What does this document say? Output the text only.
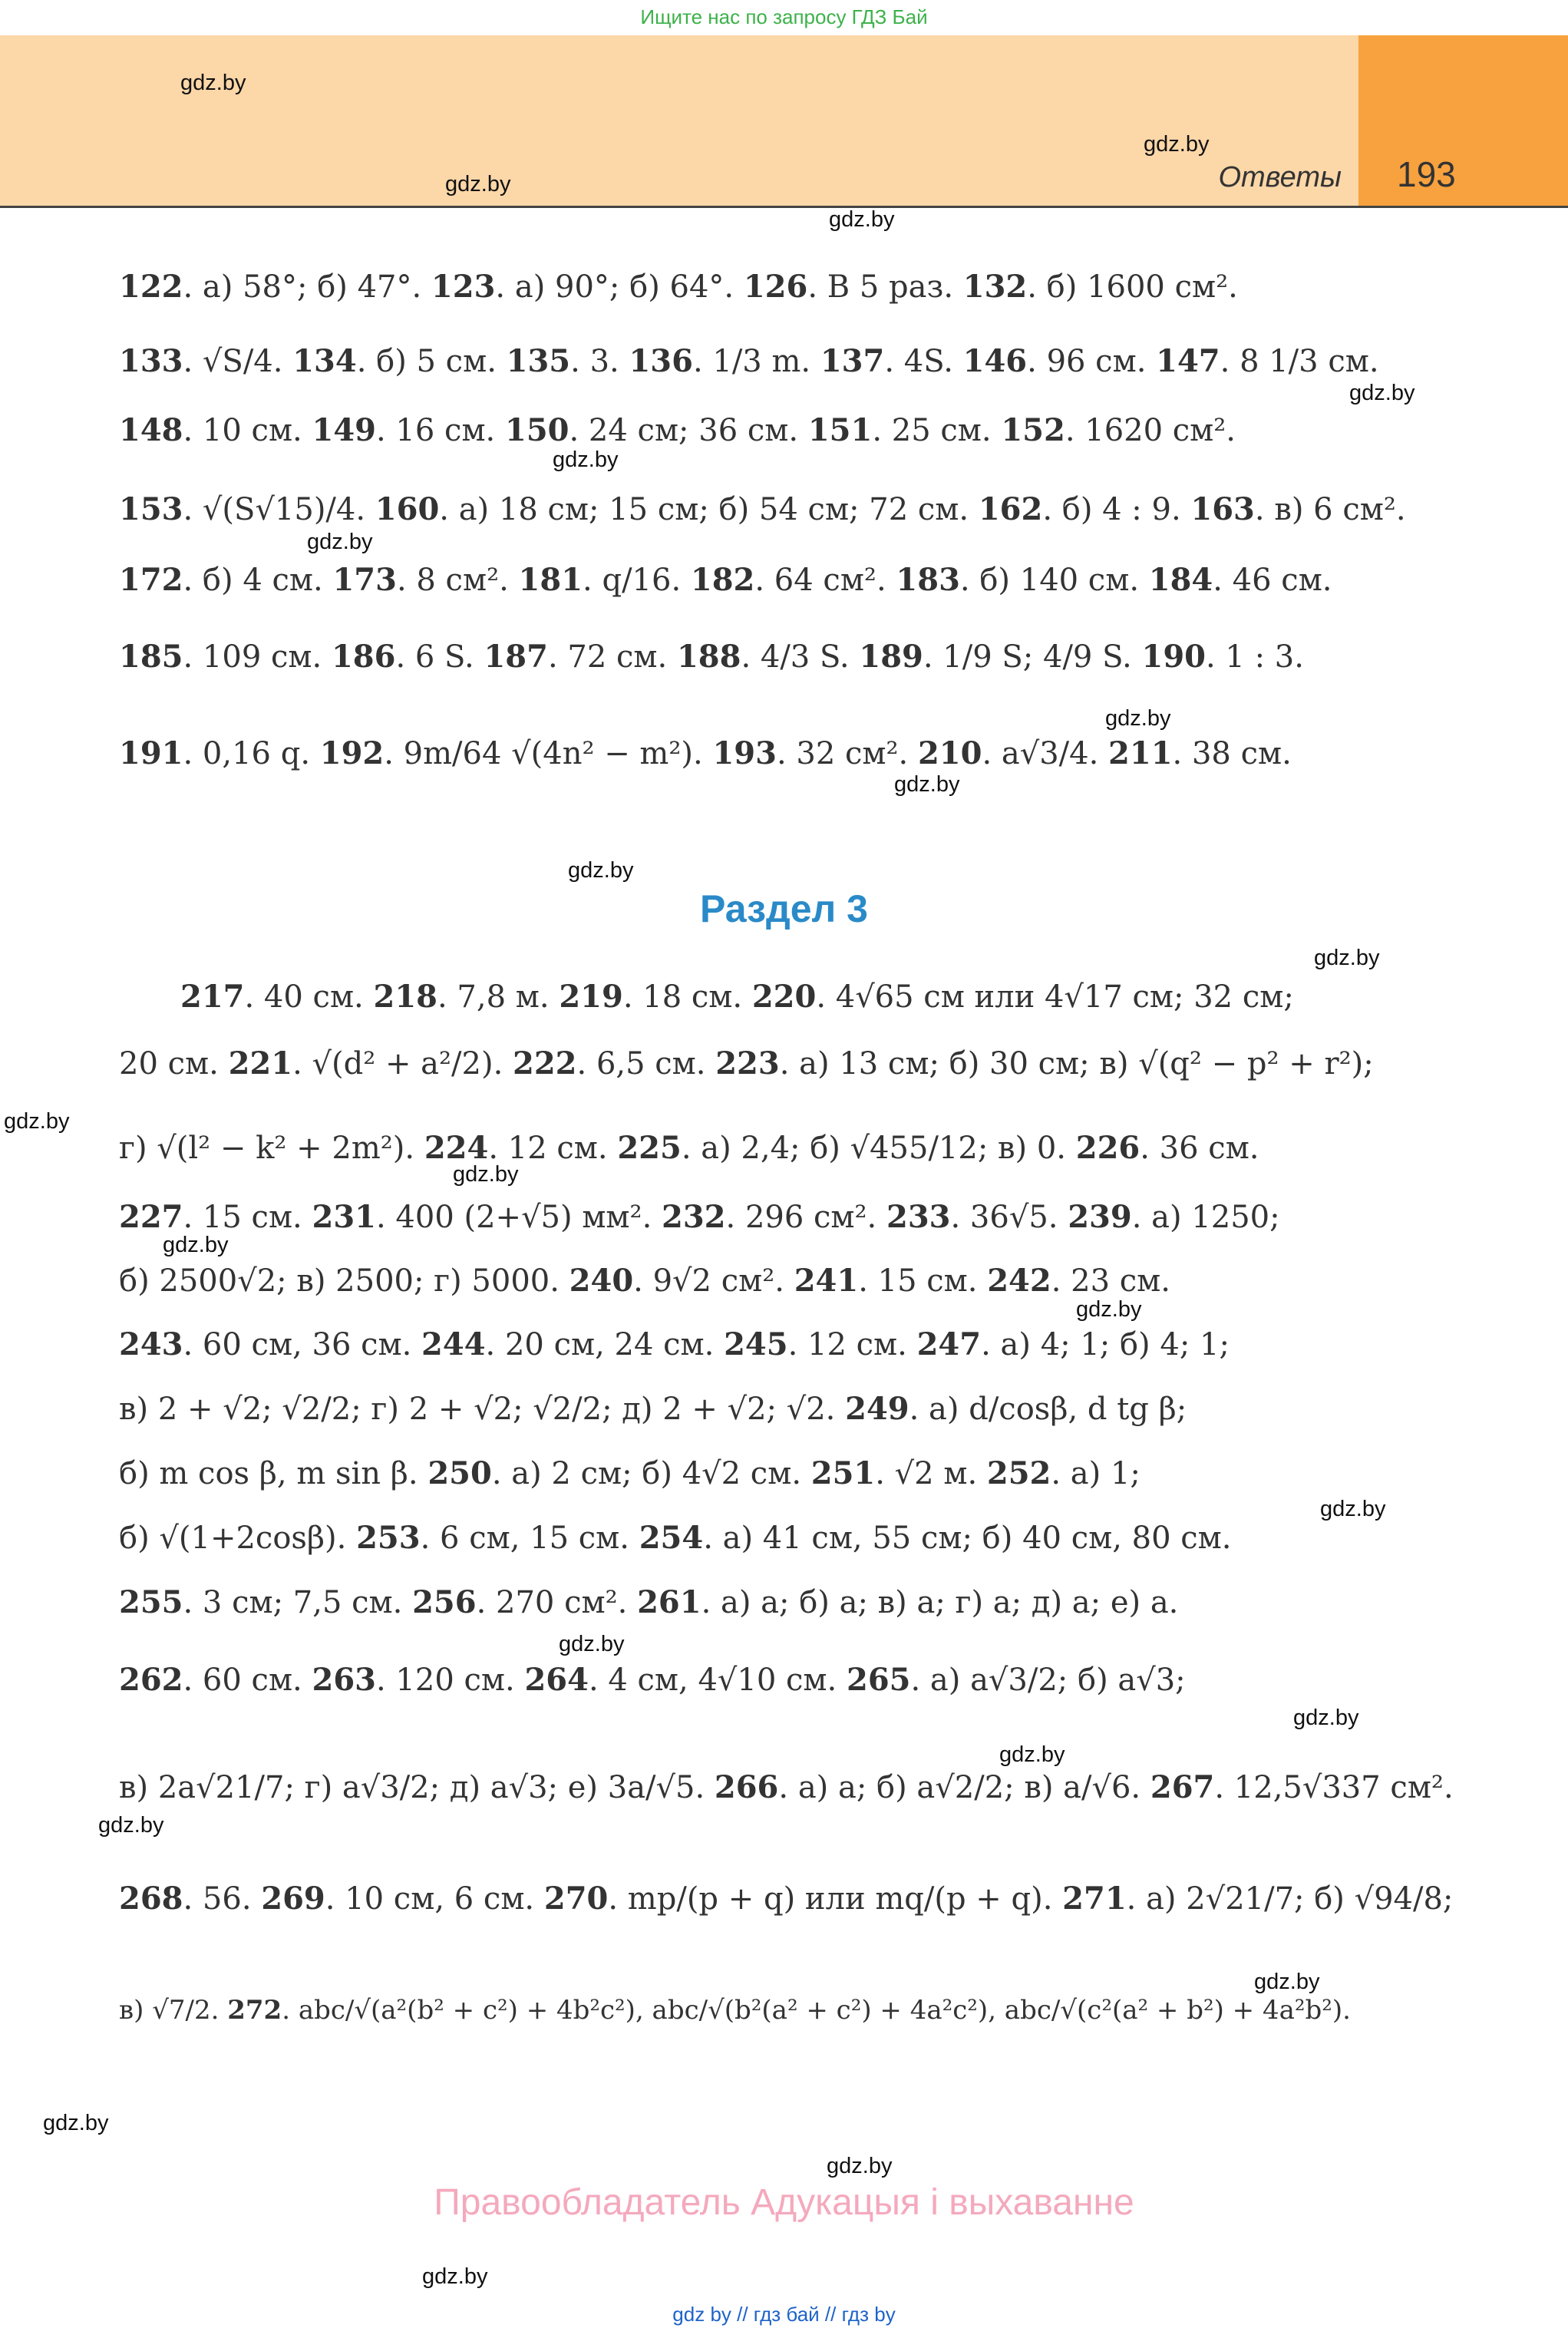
Ищите нас по запросу ГДЗ Бай
Ответы 193
gdz.by
gdz.by
gdz.by
gdz.by
gdz.by
gdz.by
gdz.by
gdz.by
gdz.by
gdz.by
gdz.by
gdz.by
gdz.by
gdz.by
gdz.by
gdz.by
gdz.by
gdz.by
gdz.by
gdz.by
gdz.by
gdz.by
gdz.by
gdz.by
122. а) 58°; б) 47°. 123. а) 90°; б) 64°. 126. В 5 раз. 132. б) 1600 см².
133. √S/4. 134. б) 5 см. 135. 3. 136. 1/3 m. 137. 4S. 146. 96 см. 147. 8 1/3 см.
148. 10 см. 149. 16 см. 150. 24 см; 36 см. 151. 25 см. 152. 1620 см².
153. √(S√15)/4. 160. а) 18 см; 15 см; б) 54 см; 72 см. 162. б) 4 : 9. 163. в) 6 см².
172. б) 4 см. 173. 8 см². 181. q/16. 182. 64 см². 183. б) 140 см. 184. 46 см.
185. 109 см. 186. 6 S. 187. 72 см. 188. 4/3 S. 189. 1/9 S; 4/9 S. 190. 1 : 3.
191. 0,16 q. 192. 9m/64 √(4n² − m²). 193. 32 см². 210. a√3/4. 211. 38 см.
Раздел 3
217. 40 см. 218. 7,8 м. 219. 18 см. 220. 4√65 см или 4√17 см; 32 см;
20 см. 221. √(d² + a²/2). 222. 6,5 см. 223. а) 13 см; б) 30 см; в) √(q² − p² + r²);
г) √(l² − k² + 2m²). 224. 12 см. 225. а) 2,4; б) √455/12; в) 0. 226. 36 см.
227. 15 см. 231. 400 (2+√5) мм². 232. 296 см². 233. 36√5. 239. а) 1250;
б) 2500√2; в) 2500; г) 5000. 240. 9√2 см². 241. 15 см. 242. 23 см.
243. 60 см, 36 см. 244. 20 см, 24 см. 245. 12 см. 247. а) 4; 1; б) 4; 1;
в) 2 + √2; √2/2; г) 2 + √2; √2/2; д) 2 + √2; √2. 249. а) d/cosβ, d tg β;
б) m cos β, m sin β. 250. а) 2 см; б) 4√2 см. 251. √2 м. 252. а) 1;
б) √(1+2cosβ). 253. 6 см, 15 см. 254. а) 41 см, 55 см; б) 40 см, 80 см.
255. 3 см; 7,5 см. 256. 270 см². 261. а) a; б) a; в) a; г) a; д) a; е) a.
262. 60 см. 263. 120 см. 264. 4 см, 4√10 см. 265. а) a√3/2; б) a√3;
в) 2a√21/7; г) a√3/2; д) a√3; е) 3a/√5. 266. а) a; б) a√2/2; в) a/√6. 267. 12,5√337 см².
268. 56. 269. 10 см, 6 см. 270. mp/(p + q) или mq/(p + q). 271. а) 2√21/7; б) √94/8;
в) √7/2. 272. abc/√(a²(b² + c²) + 4b²c²), abc/√(b²(a² + c²) + 4a²c²), abc/√(c²(a² + b²) + 4a²b²).
Правообладатель Адукацыя і выхаванне
gdz by // гдз бай // гдз by
